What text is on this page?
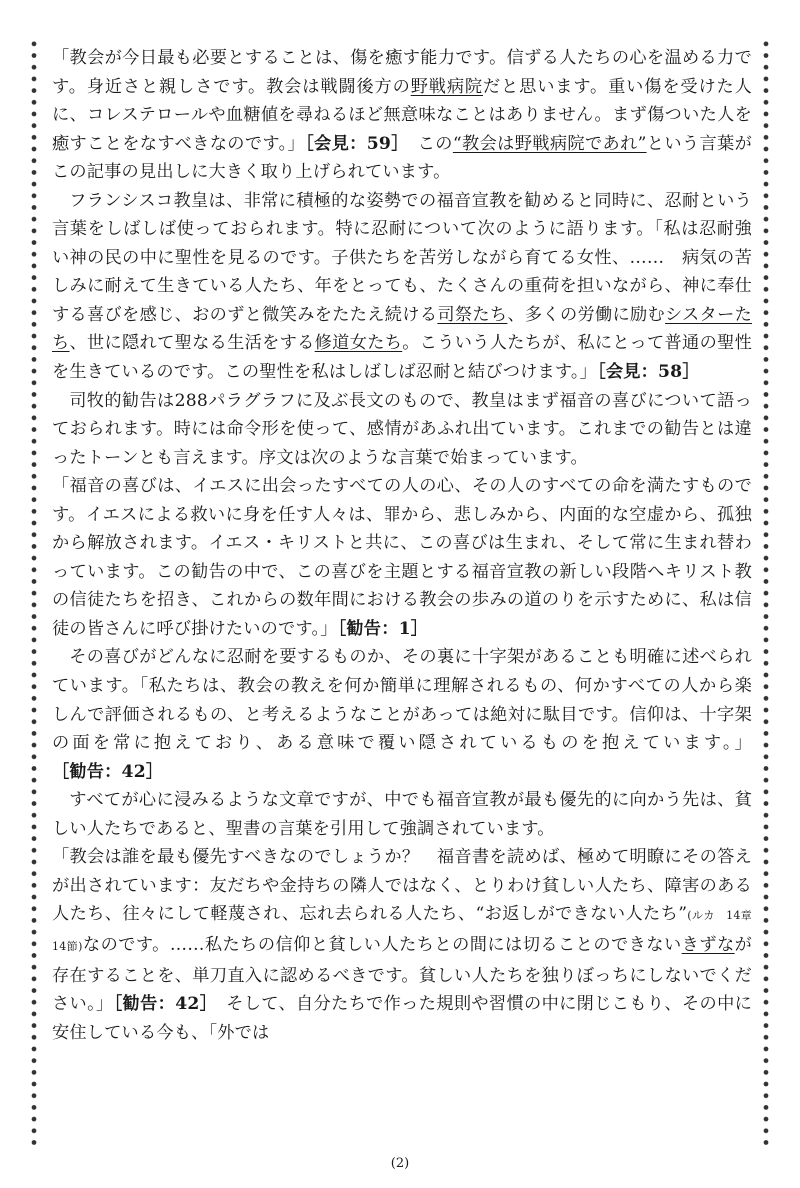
「教会が今日最も必要とすることは、傷を癒す能力です。信ずる人たちの心を温める力です。身近さと親しさです。教会は戦闘後方の野戦病院だと思います。重い傷を受けた人に、コレステロールや血糖値を尋ねるほど無意味なことはありません。まず傷ついた人を癒すことをなすべきなのです。」［会見：59］　この“教会は野戦病院であれ”という言葉がこの記事の見出しに大きく取り上げられています。

フランシスコ教皇は、非常に積極的な姿勢での福音宣教を勧めると同時に、忍耐という言葉をしばしば使っておられます。特に忍耐について次のように語ります。「私は忍耐強い神の民の中に聖性を見るのです。子供たちを苦労しながら育てる女性、……　病気の苦しみに耐えて生きている人たち、年をとっても、たくさんの重荷を担いながら、神に奉仕する喜びを感じ、おのずと微笑みをたたえ続ける司祭たち、多くの労働に励むシスターたち、世に隠れて聖なる生活をする修道女たち。こういう人たちが、私にとって普通の聖性を生きているのです。この聖性を私はしばしば忍耐と結びつけます。」［会見：58］

司牧的勧告は288パラグラフに及ぶ長文のもので、教皇はまず福音の喜びについて語っておられます。時には命令形を使って、感情があふれ出ています。これまでの勧告とは違ったトーンとも言えます。序文は次のような言葉で始まっています。

「福音の喜びは、イエスに出会ったすべての人の心、その人のすべての命を満たすものです。イエスによる救いに身を任す人々は、罪から、悲しみから、内面的な空虚から、孤独から解放されます。イエス・キリストと共に、この喜びは生まれ、そして常に生まれ替わっています。この勧告の中で、この喜びを主題とする福音宣教の新しい段階へキリスト教の信徒たちを招き、これからの数年間における教会の歩みの道のりを示すために、私は信徒の皆さんに呼び掛けたいのです。」［勧告：1］

その喜びがどんなに忍耐を要するものか、その裏に十字架があることも明確に述べられています。「私たちは、教会の教えを何か簡単に理解されるもの、何かすべての人から楽しんで評価されるもの、と考えるようなことがあっては絶対に駄目です。信仰は、十字架の面を常に抱えており、ある意味で覆い隠されているものを抱えています。」［勧告：42］

すべてが心に浸みるような文章ですが、中でも福音宣教が最も優先的に向かう先は、貧しい人たちであると、聖書の言葉を引用して強調されています。

「教会は誰を最も優先すべきなのでしょうか？　福音書を読めば、極めて明瞭にその答えが出されています：友だちや金持ちの隣人ではなく、とりわけ貧しい人たち、障害のある人たち、往々にして軽蔑され、忘れ去られる人たち、“お返しができない人たち”(ルカ　14章14節)なのです。……私たちの信仰と貧しい人たちとの間には切ることのできないきずなが存在することを、単刀直入に認めるべきです。貧しい人たちを独りぼっちにしないでください。」［勧告：42］　そして、自分たちで作った規則や習慣の中に閉じこもり、その中に安住している今も、「外では

(2)
